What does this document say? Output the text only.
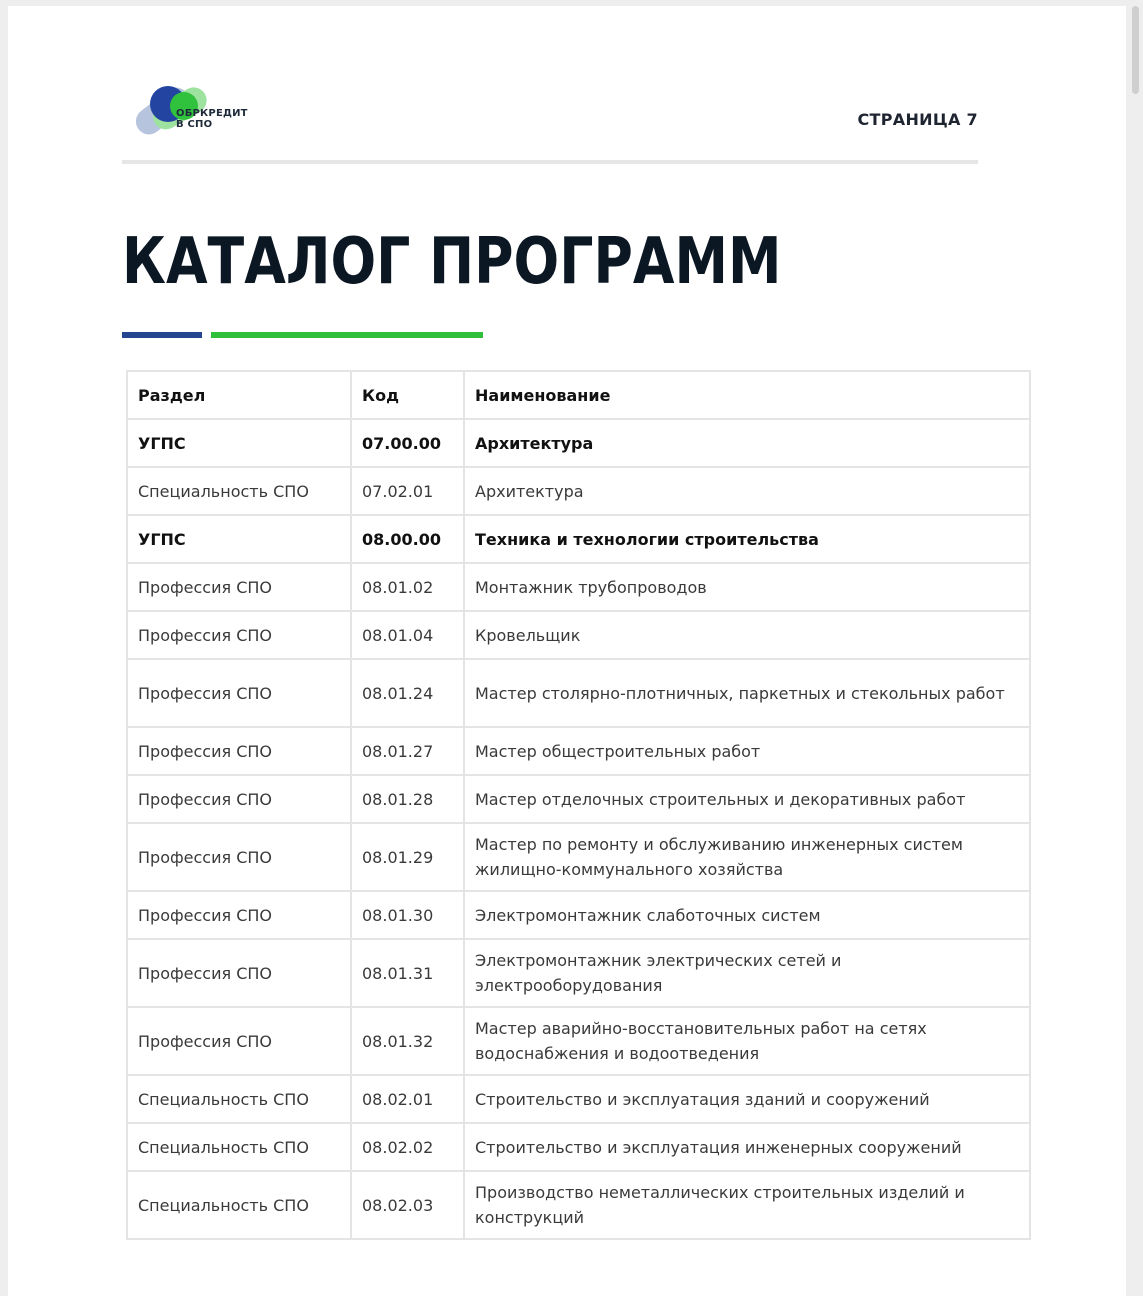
ОБРКРЕДИТ
В СПО	СТРАНИЦА 7
КАТАЛОГ ПРОГРАММ
Раздел	Код	Наименование
УГПС	07.00.00	Архитектура
Специальность СПО	07.02.01	Архитектура
УГПС	08.00.00	Техника и технологии строительства
Профессия СПО	08.01.02	Монтажник трубопроводов
Профессия СПО	08.01.04	Кровельщик
Профессия СПО	08.01.24	Мастер столярно-плотничных, паркетных и стекольных работ
Профессия СПО	08.01.27	Мастер общестроительных работ
Профессия СПО	08.01.28	Мастер отделочных строительных и декоративных работ
Профессия СПО	08.01.29	Мастер по ремонту и обслуживанию инженерных систем жилищно-коммунального хозяйства
Профессия СПО	08.01.30	Электромонтажник слаботочных систем
Профессия СПО	08.01.31	Электромонтажник электрических сетей и электрооборудования
Профессия СПО	08.01.32	Мастер аварийно-восстановительных работ на сетях водоснабжения и водоотведения
Специальность СПО	08.02.01	Строительство и эксплуатация зданий и сооружений
Специальность СПО	08.02.02	Строительство и эксплуатация инженерных сооружений
Специальность СПО	08.02.03	Производство неметаллических строительных изделий и конструкций
